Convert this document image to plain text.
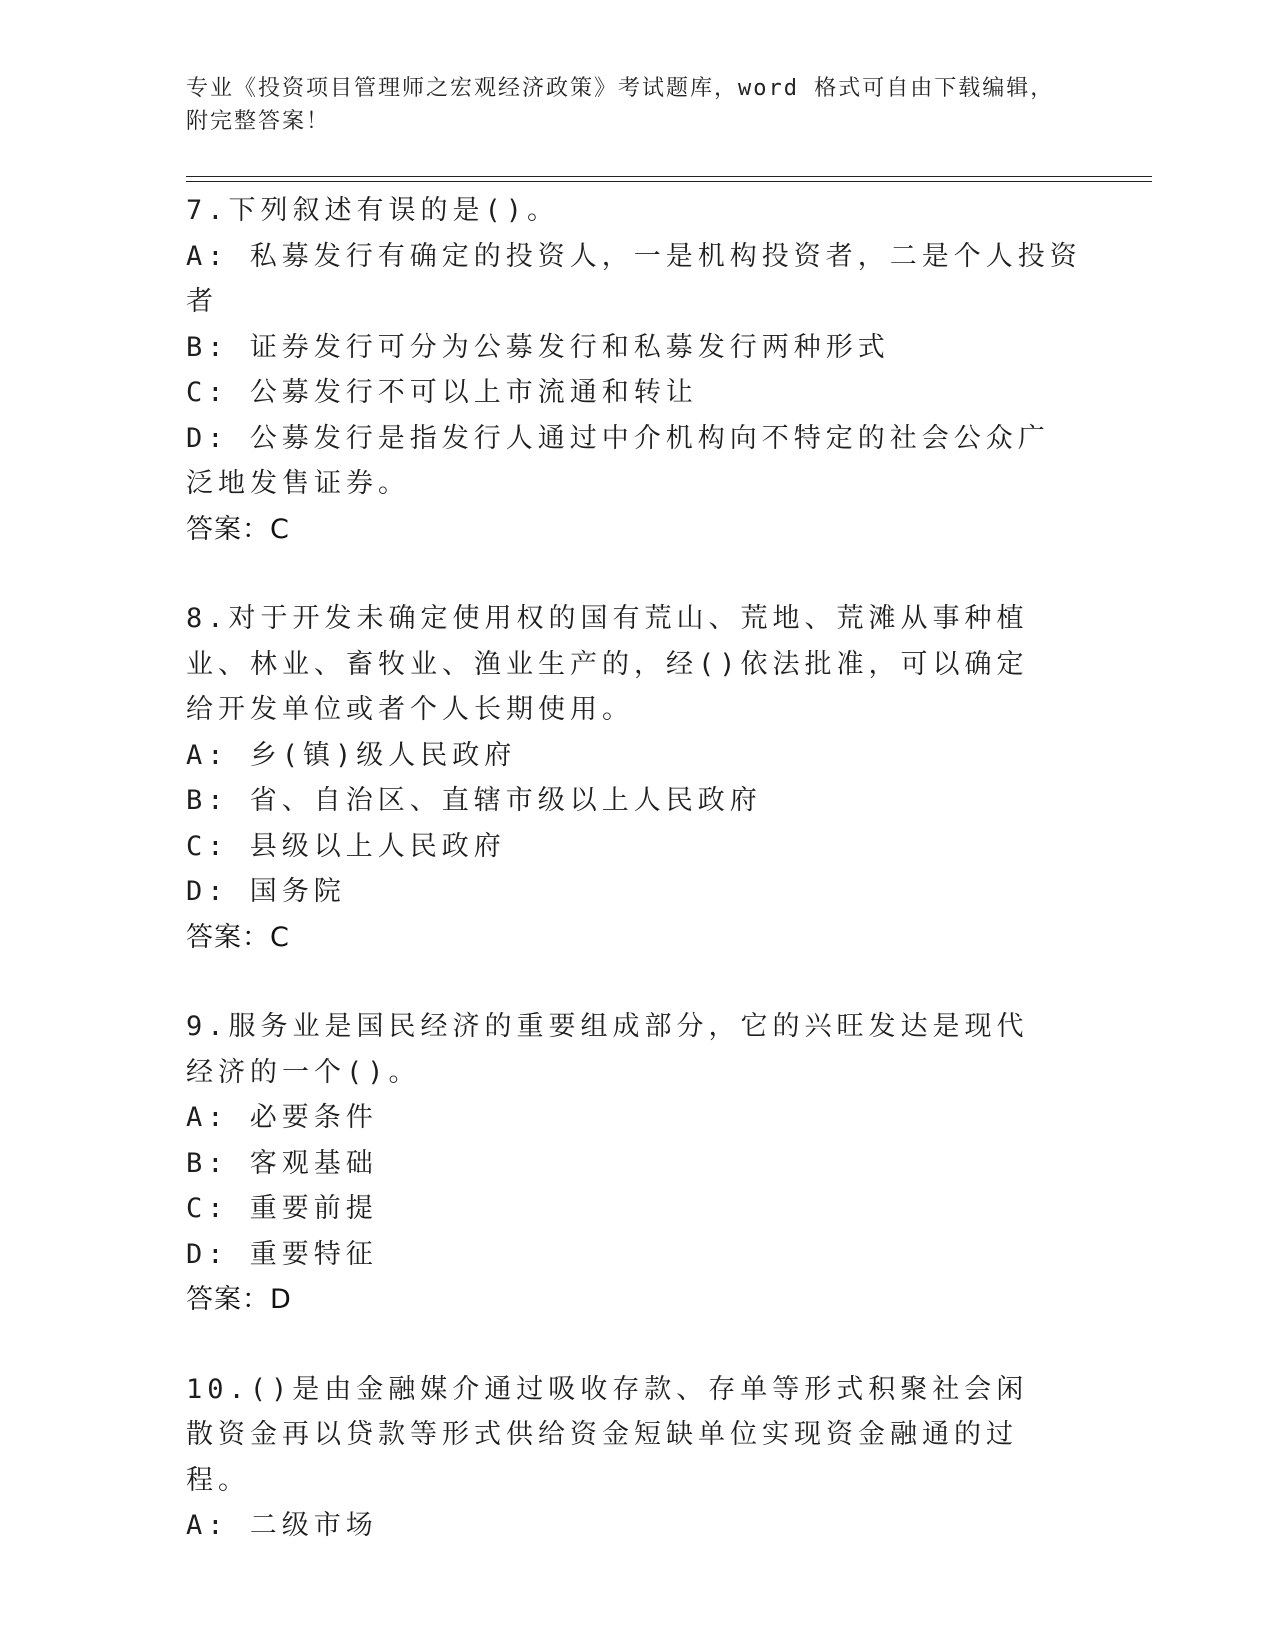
专业《投资项目管理师之宏观经济政策》考试题库，word 格式可自由下载编辑，
附完整答案！
7.下列叙述有误的是()。
A: 私募发行有确定的投资人，一是机构投资者，二是个人投资者
B: 证券发行可分为公募发行和私募发行两种形式
C: 公募发行不可以上市流通和转让
D: 公募发行是指发行人通过中介机构向不特定的社会公众广泛地发售证券。
答案：C
8.对于开发未确定使用权的国有荒山、荒地、荒滩从事种植业、林业、畜牧业、渔业生产的，经()依法批准，可以确定给开发单位或者个人长期使用。
A: 乡(镇)级人民政府
B: 省、自治区、直辖市级以上人民政府
C: 县级以上人民政府
D: 国务院
答案：C
9.服务业是国民经济的重要组成部分，它的兴旺发达是现代经济的一个()。
A: 必要条件
B: 客观基础
C: 重要前提
D: 重要特征
答案：D
10.()是由金融媒介通过吸收存款、存单等形式积聚社会闲散资金再以贷款等形式供给资金短缺单位实现资金融通的过程。
A: 二级市场
